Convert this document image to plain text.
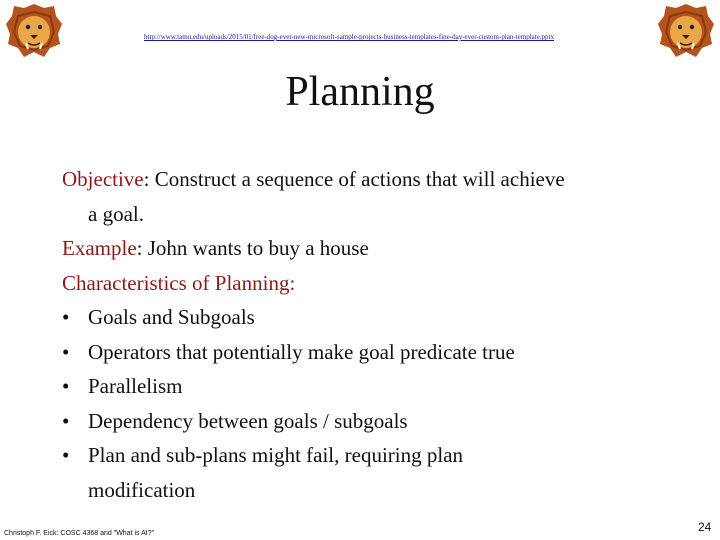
http://www.tamu.edu/uploads/2015/01/free-dog-ever-new-microsoft-sample-projects-business-templates-fine-day-ever-custom-plan-template.pptx
Planning
Objective: Construct a sequence of actions that will achieve
a goal.
Example: John wants to buy a house
Characteristics of Planning:
• Goals and Subgoals
• Operators that potentially make goal predicate true
• Parallelism
• Dependency between goals / subgoals
• Plan and sub-plans might fail, requiring plan modification
Christoph F. Eick: COSC 4368 and "What is AI?"	24
